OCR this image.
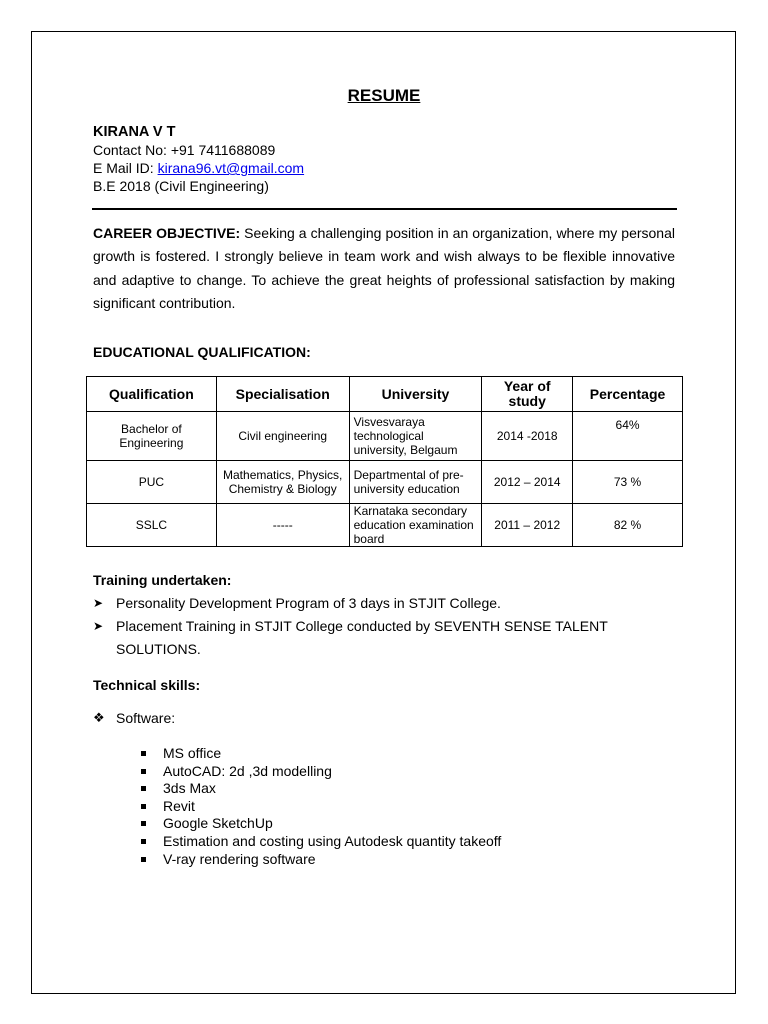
RESUME
KIRANA V T
Contact No: +91 7411688089
E Mail ID: kirana96.vt@gmail.com
B.E 2018 (Civil Engineering)
CAREER OBJECTIVE: Seeking a challenging position in an organization, where my personal growth is fostered. I strongly believe in team work and wish always to be flexible innovative and adaptive to change. To achieve the great heights of professional satisfaction by making significant contribution.
EDUCATIONAL QUALIFICATION:
Qualification	Specialisation	University	Year of study	Percentage
Bachelor of Engineering	Civil engineering	Visvesvaraya technological university, Belgaum	2014 -2018	64%
PUC	Mathematics, Physics, Chemistry & Biology	Departmental of pre-university education	2012 – 2014	73 %
SSLC	-----	Karnataka secondary education examination board	2011 – 2012	82 %
Training undertaken:
➤ Personality Development Program of 3 days in STJIT College.
➤ Placement Training in STJIT College conducted by SEVENTH SENSE TALENT SOLUTIONS.
Technical skills:
❖ Software:
MS office
AutoCAD: 2d ,3d modelling
3ds Max
Revit
Google SketchUp
Estimation and costing using Autodesk quantity takeoff
V-ray rendering software
